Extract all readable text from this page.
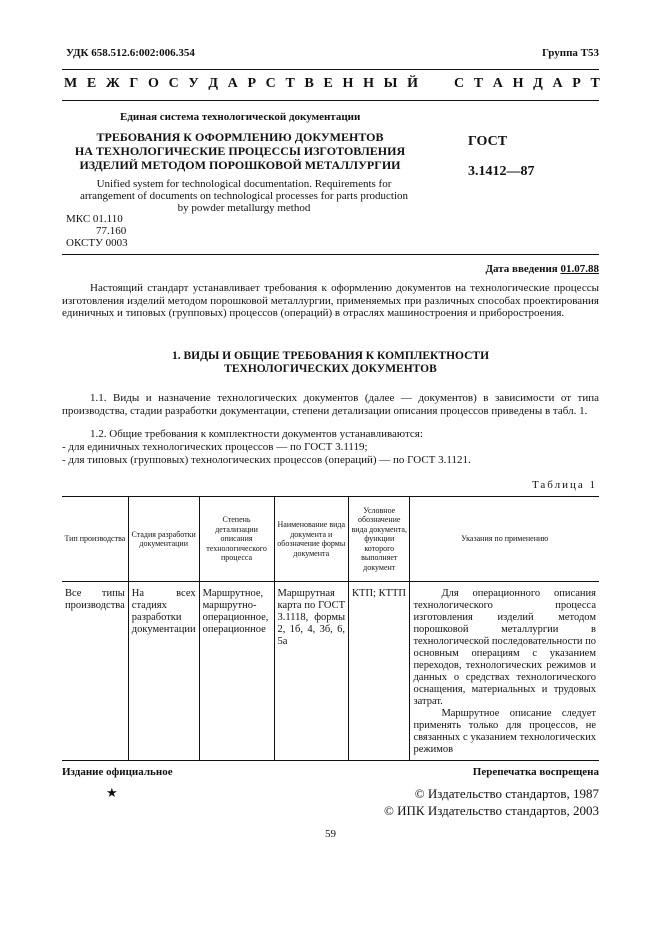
УДК 658.512.6:002:006.354	Группа Т53
М Е Ж Г О С У Д А Р С Т В Е Н Н Ы Й

	С Т А Н Д А Р Т
Единая система технологической документации
ТРЕБОВАНИЯ К ОФОРМЛЕНИЮ ДОКУМЕНТОВ
НА ТЕХНОЛОГИЧЕСКИЕ ПРОЦЕССЫ ИЗГОТОВЛЕНИЯ
ИЗДЕЛИЙ МЕТОДОМ ПОРОШКОВОЙ МЕТАЛЛУРГИИ
ГОСТ
3.1412—87
Unified system for technological documentation. Requirements for
arrangement of documents on technological processes for parts production
by powder metallurgy method
МКС 01.110
77.160
ОКСТУ 0003
Дата введения 01.07.88
Настоящий стандарт устанавливает требования к оформлению документов на технологические процессы изготовления изделий методом порошковой металлургии, применяемых при различных способах проектирования единичных и типовых (групповых) процессов (операций) в отраслях машиностроения и приборостроения.
1. ВИДЫ И ОБЩИЕ ТРЕБОВАНИЯ К КОМПЛЕКТНОСТИ
ТЕХНОЛОГИЧЕСКИХ ДОКУМЕНТОВ
1.1. Виды и назначение технологических документов (далее — документов) в зависимости от типа производства, стадии разработки документации, степени детализации описания процессов приведены в табл. 1.
1.2. Общие требования к комплектности документов устанавливаются:
- для единичных технологических процессов — по ГОСТ 3.1119;
- для типовых (групповых) технологических процессов (операций) — по ГОСТ 3.1121.
Таблица 1
Тип производства	Стадия разработки документации	Степень детализации описания технологического процесса	Наименование вида документа и обозначение формы документа	Условное обозначение вида документа, функции которого выполняет документ	Указания по применению
Все типы производства	На всех стадиях разработки документации	Маршрутное, маршрутно-операционное, операционное	Маршрутная карта по ГОСТ 3.1118, формы 2, 1б, 4, 3б, 6, 5а	КТП; КТТП	Для операционного описания технологического процесса изготовления изделий методом порошковой металлургии в технологической последовательности по основным операциям с указанием переходов, технологических режимов и данных о средствах технологического оснащения, материальных и трудовых затрат.
Маршрутное описание следует применять только для процессов, не связанных с указанием технологических режимов
Издание официальное	Перепечатка воспрещена
★	© Издательство стандартов, 1987
© ИПК Издательство стандартов, 2003
59
